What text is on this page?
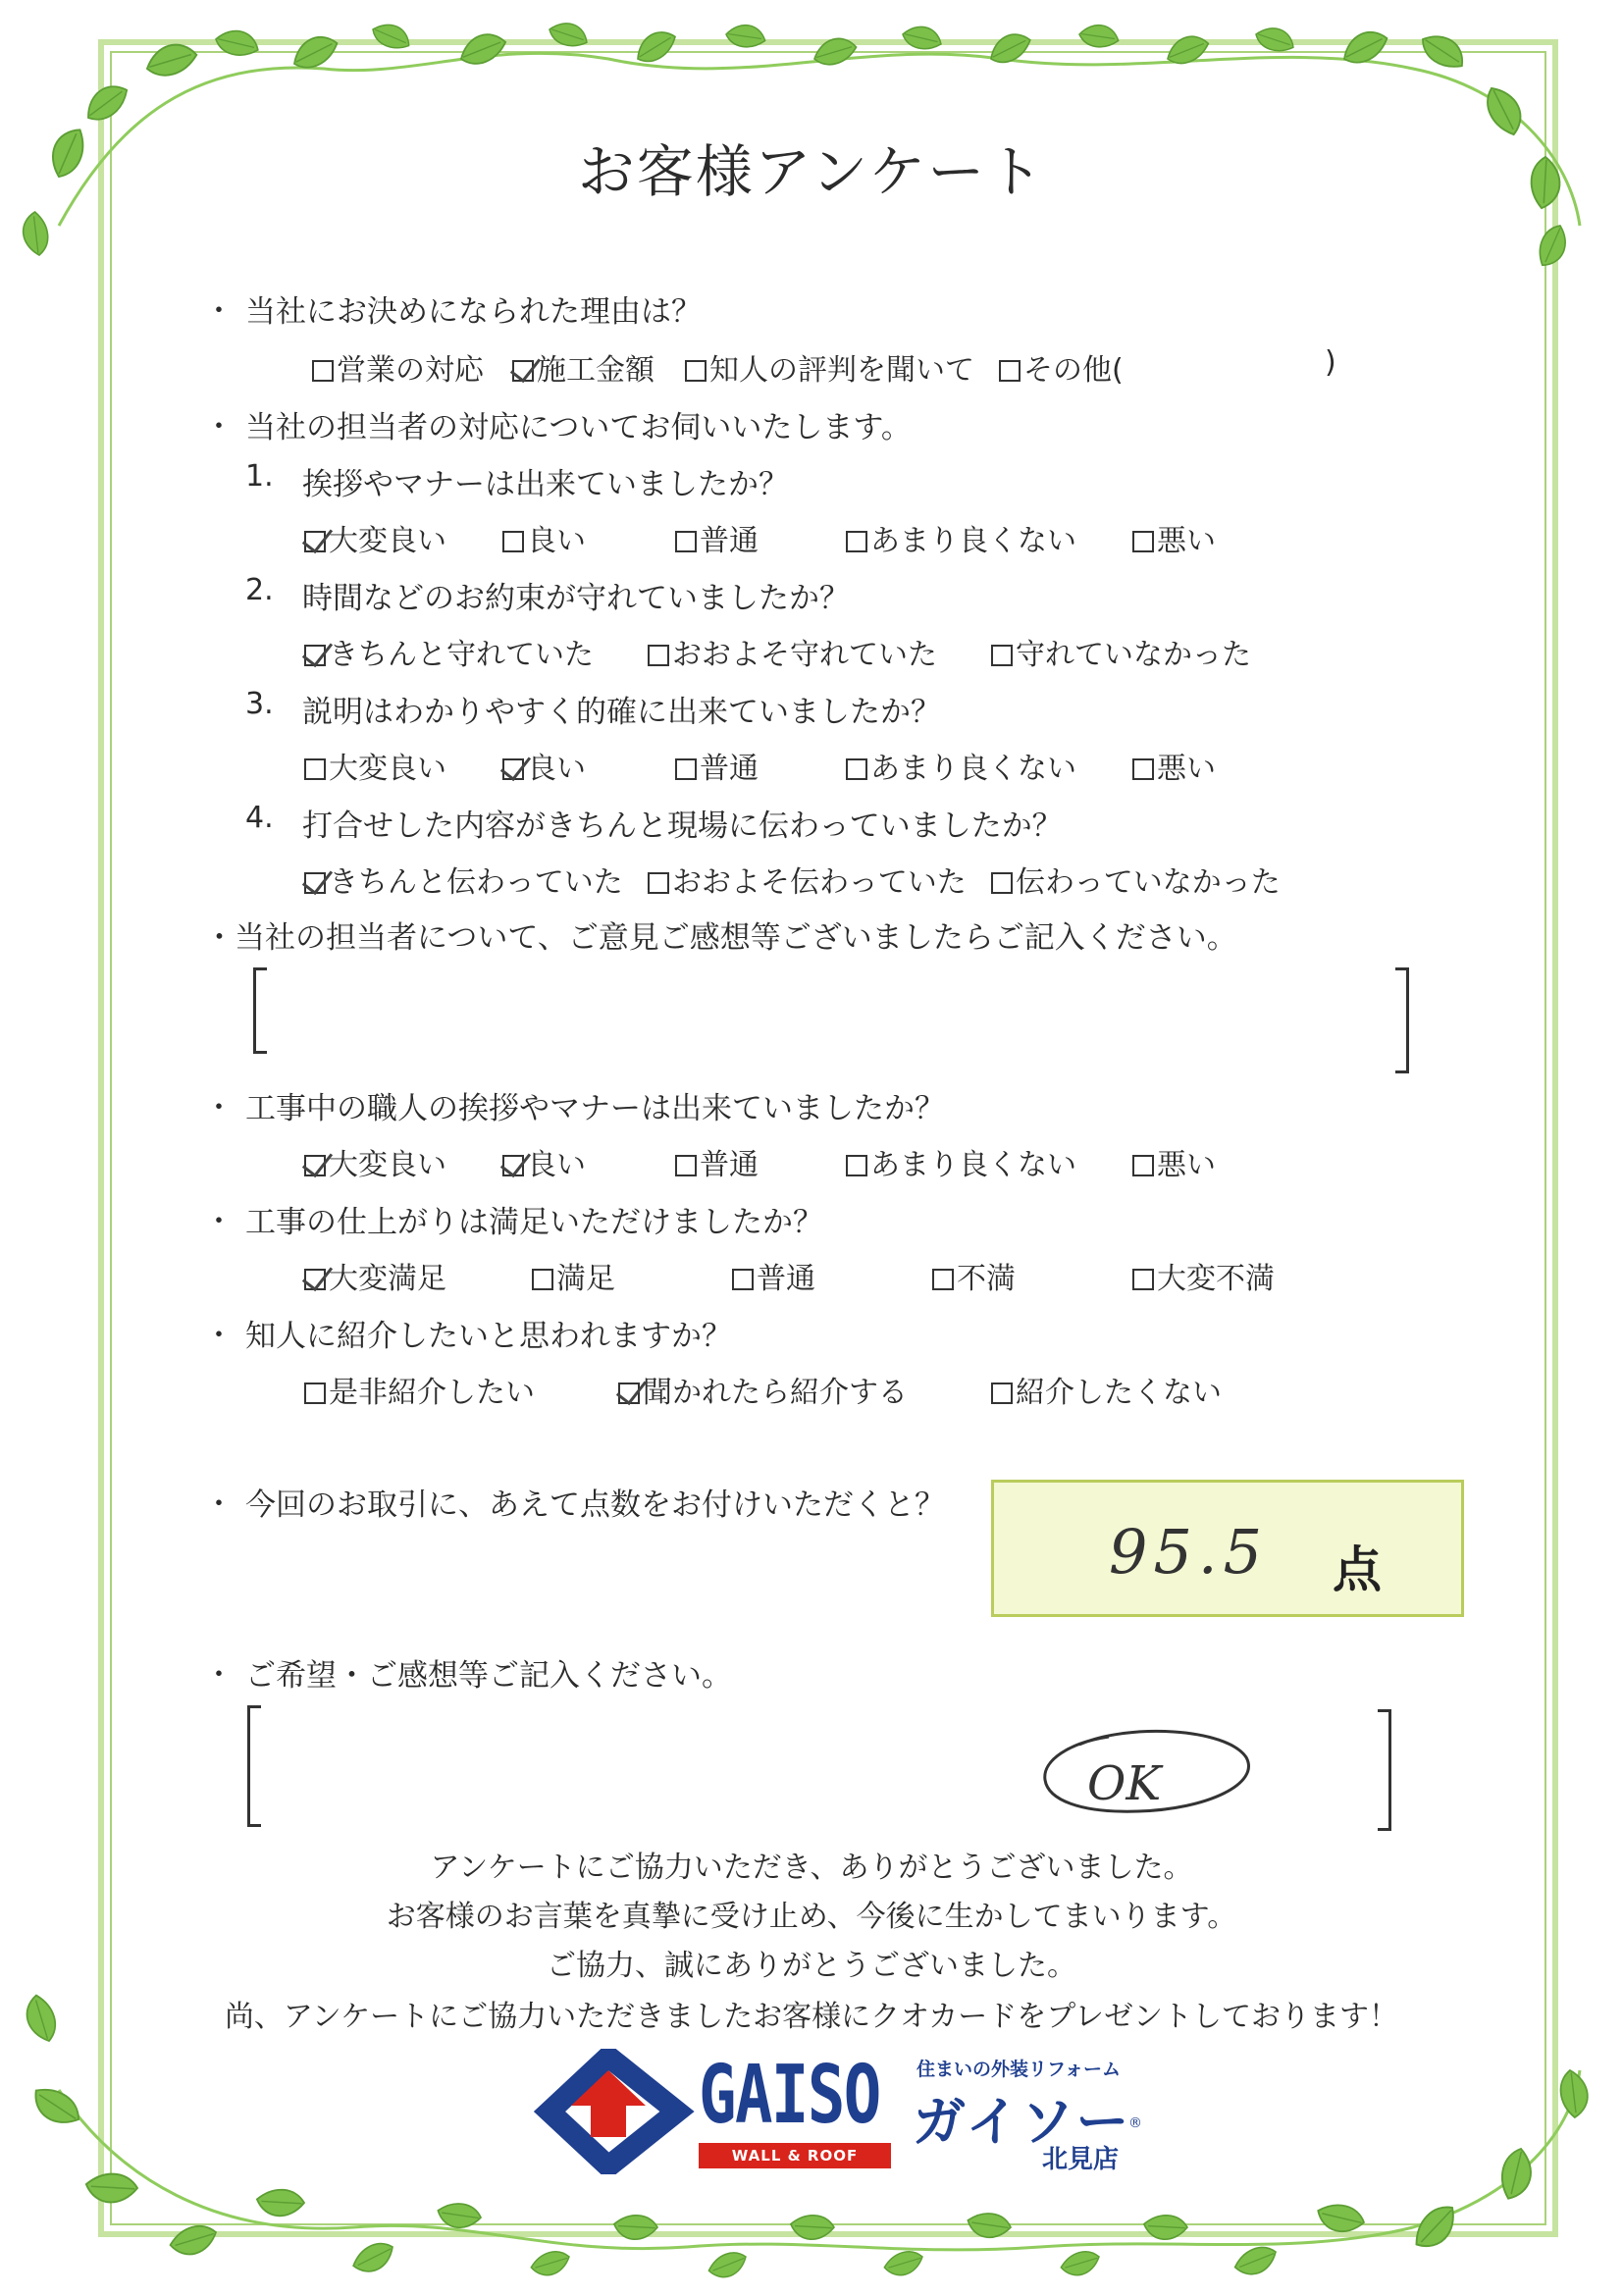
お客様アンケート
・ 当社にお決めになられた理由は？
営業の対応	施工金額	知人の評判を聞いて	その他(	)
・ 当社の担当者の対応についてお伺いいたします。
1. 挨拶やマナーは出来ていましたか？
大変良い	良い	普通	あまり良くない	悪い
2. 時間などのお約束が守れていましたか？
きちんと守れていた	おおよそ守れていた	守れていなかった
3. 説明はわかりやすく的確に出来ていましたか？
大変良い	良い	普通	あまり良くない	悪い
4. 打合せした内容がきちんと現場に伝わっていましたか？
きちんと伝わっていた	おおよそ伝わっていた	伝わっていなかった
・当社の担当者について、ご意見ご感想等ございましたらご記入ください。
・ 工事中の職人の挨拶やマナーは出来ていましたか？
大変良い	良い	普通	あまり良くない	悪い
・ 工事の仕上がりは満足いただけましたか？
大変満足	満足	普通	不満	大変不満
・ 知人に紹介したいと思われますか？
是非紹介したい	聞かれたら紹介する	紹介したくない
・ 今回のお取引に、あえて点数をお付けいただくと？
95.5 点
・ ご希望・ご感想等ご記入ください。
OK
アンケートにご協力いただき、ありがとうございました。
お客様のお言葉を真摯に受け止め、今後に生かしてまいります。
ご協力、誠にありがとうございました。
尚、アンケートにご協力いただきましたお客様にクオカードをプレゼントしております！
GAISO
WALL & ROOF REFORM
住まいの外装リフォーム
ガイソー
®
北見店
